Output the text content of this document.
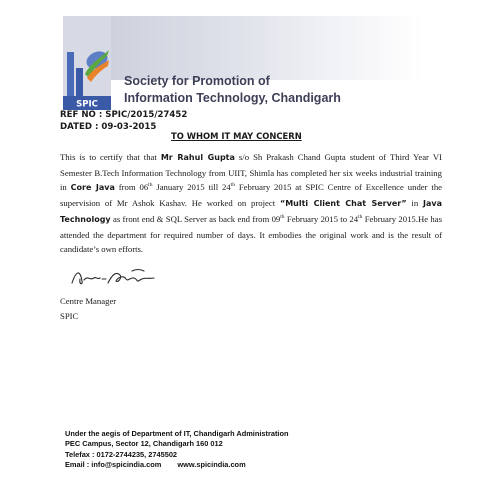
SPIC
Society for Promotion of
Information Technology, Chandigarh
REF NO : SPIC/2015/27452
DATED : 09-03-2015
TO WHOM IT MAY CONCERN
This is to certify that that Mr Rahul Gupta s/o Sh Prakash Chand Gupta student of Third Year VI Semester B.Tech Information Technology from UIIT, Shimla has completed her six weeks industrial training in Core Java from 06th January 2015 till 24th February 2015 at SPIC Centre of Excellence under the supervision of Mr Ashok Kashav. He worked on project “Multi Client Chat Server” in Java Technology as front end & SQL Server as back end from 09th February 2015 to 24th February 2015.He has attended the department for required number of days. It embodies the original work and is the result of candidate’s own efforts.
Centre Manager
SPIC
Under the aegis of Department of IT, Chandigarh Administration
PEC Campus, Sector 12, Chandigarh 160 012
Telefax : 0172-2744235, 2745502
Email : info@spicindia.com www.spicindia.com
